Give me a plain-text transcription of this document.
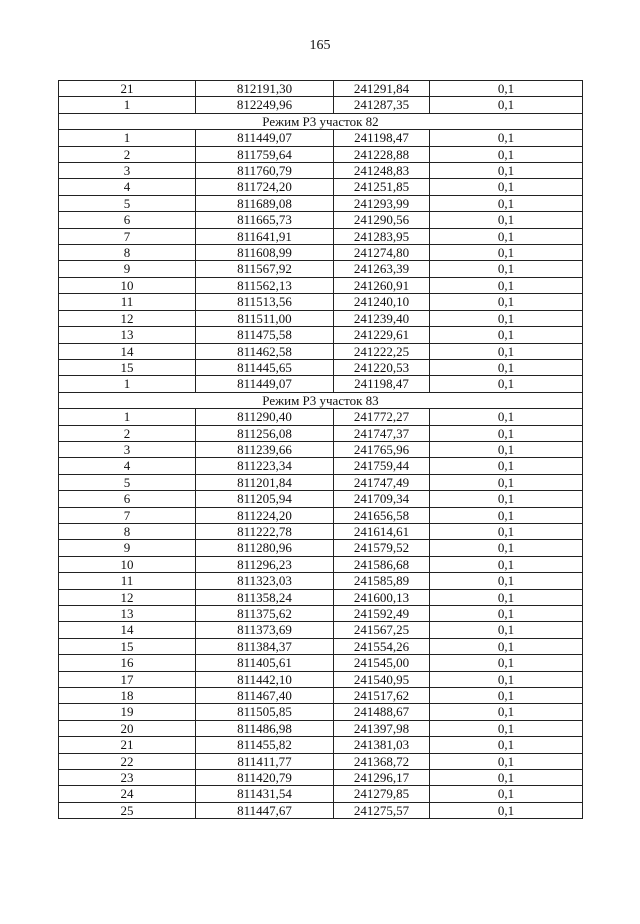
165
21	812191,30	241291,84	0,1
1	812249,96	241287,35	0,1
Режим Р3 участок 82			
1	811449,07	241198,47	0,1
2	811759,64	241228,88	0,1
3	811760,79	241248,83	0,1
4	811724,20	241251,85	0,1
5	811689,08	241293,99	0,1
6	811665,73	241290,56	0,1
7	811641,91	241283,95	0,1
8	811608,99	241274,80	0,1
9	811567,92	241263,39	0,1
10	811562,13	241260,91	0,1
11	811513,56	241240,10	0,1
12	811511,00	241239,40	0,1
13	811475,58	241229,61	0,1
14	811462,58	241222,25	0,1
15	811445,65	241220,53	0,1
1	811449,07	241198,47	0,1
Режим Р3 участок 83			
1	811290,40	241772,27	0,1
2	811256,08	241747,37	0,1
3	811239,66	241765,96	0,1
4	811223,34	241759,44	0,1
5	811201,84	241747,49	0,1
6	811205,94	241709,34	0,1
7	811224,20	241656,58	0,1
8	811222,78	241614,61	0,1
9	811280,96	241579,52	0,1
10	811296,23	241586,68	0,1
11	811323,03	241585,89	0,1
12	811358,24	241600,13	0,1
13	811375,62	241592,49	0,1
14	811373,69	241567,25	0,1
15	811384,37	241554,26	0,1
16	811405,61	241545,00	0,1
17	811442,10	241540,95	0,1
18	811467,40	241517,62	0,1
19	811505,85	241488,67	0,1
20	811486,98	241397,98	0,1
21	811455,82	241381,03	0,1
22	811411,77	241368,72	0,1
23	811420,79	241296,17	0,1
24	811431,54	241279,85	0,1
25	811447,67	241275,57	0,1
